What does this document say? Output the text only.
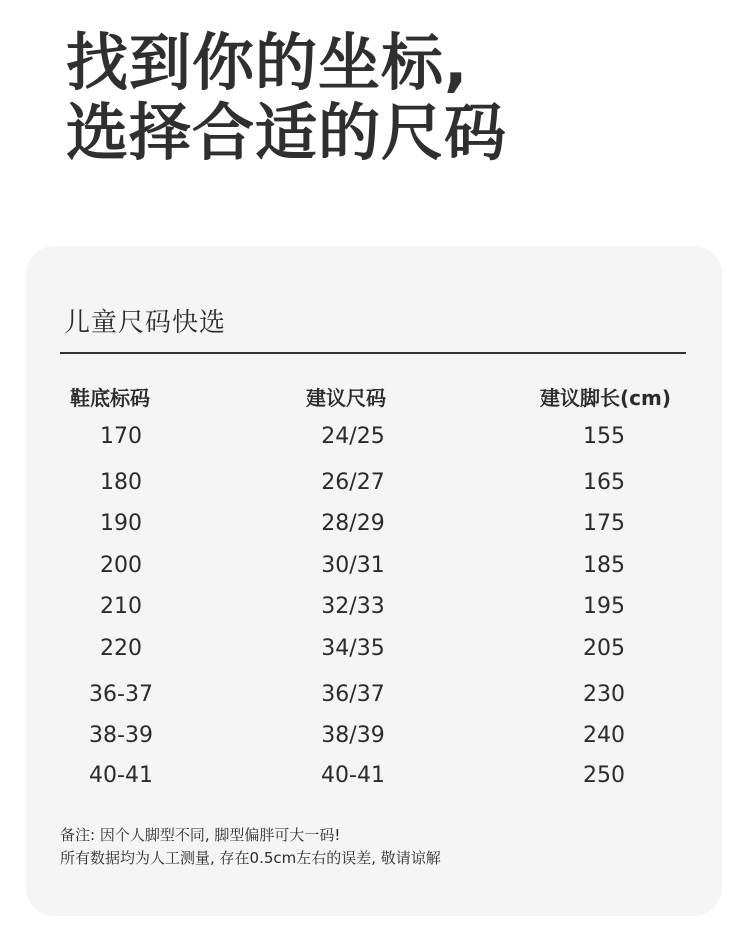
找到你的坐标,
选择合适的尺码
儿童尺码快选
鞋底标码	建议尺码	建议脚长(cm)
170	24/25	155
180	26/27	165
190	28/29	175
200	30/31	185
210	32/33	195
220	34/35	205
36-37	36/37	230
38-39	38/39	240
40-41	40-41	250
备注: 因个人脚型不同, 脚型偏胖可大一码!
所有数据均为人工测量, 存在0.5cm左右的误差, 敬请谅解
